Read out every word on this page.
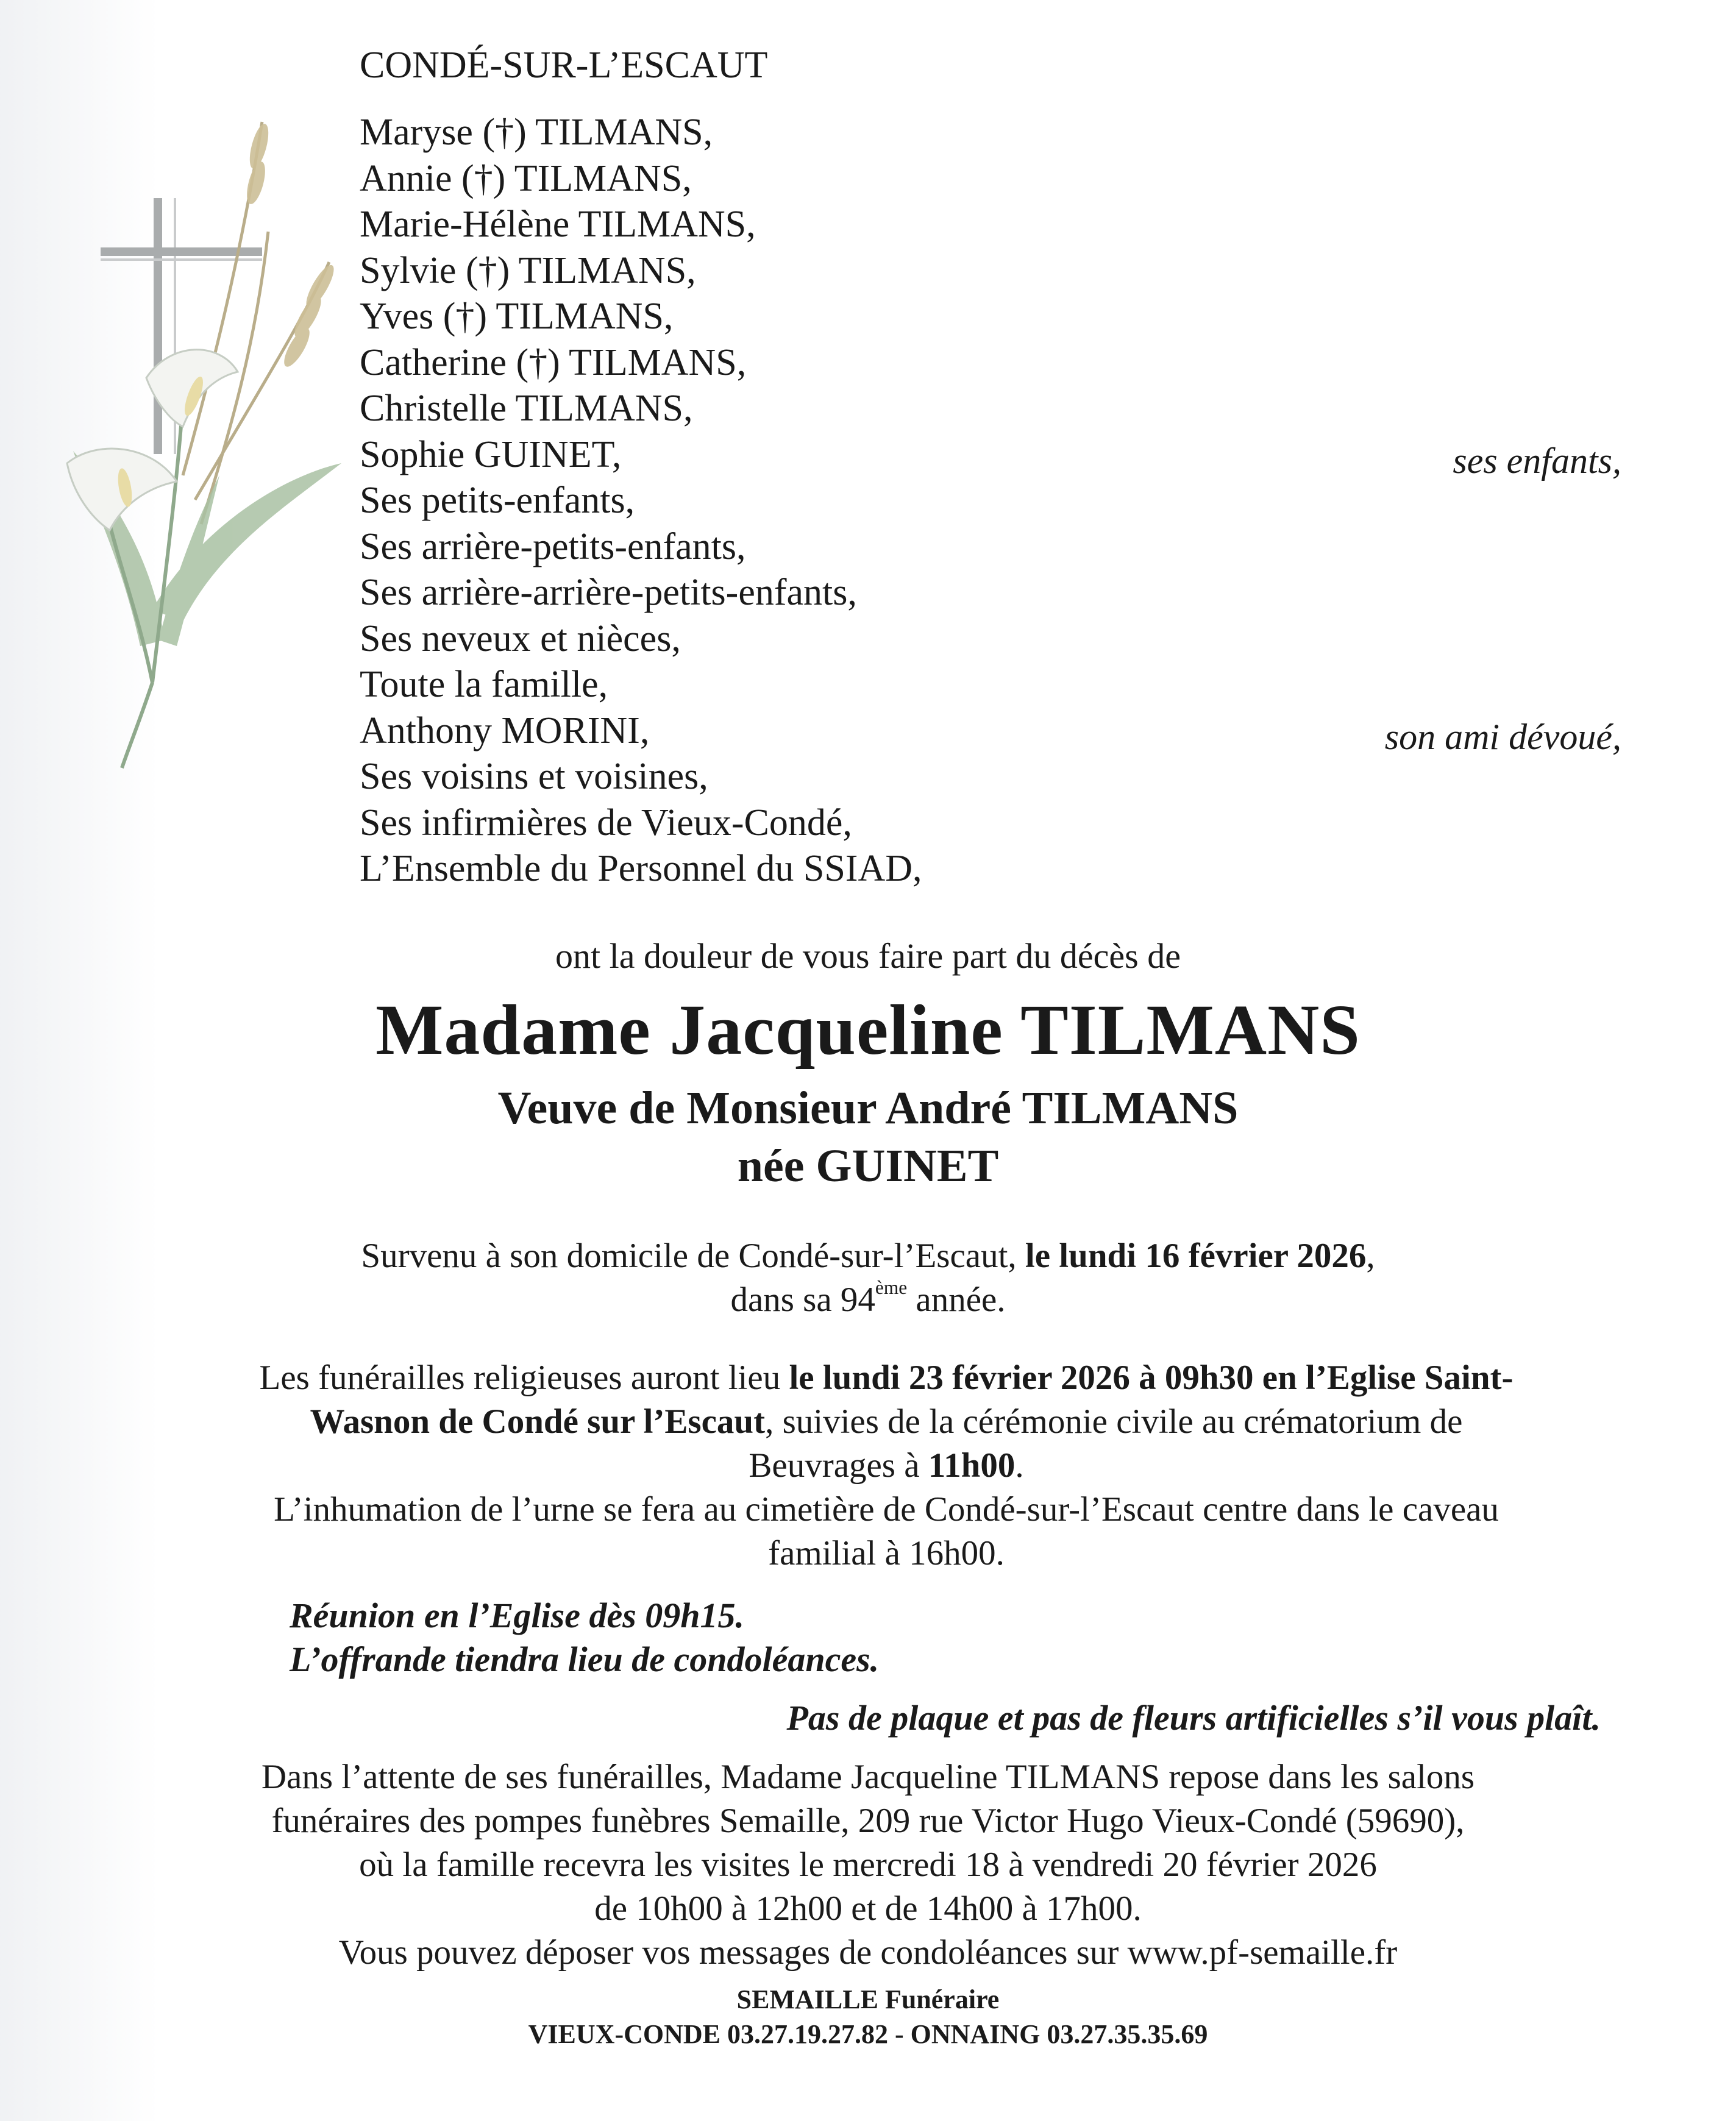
CONDÉ-SUR-L’ESCAUT
Maryse (†) TILMANS,
Annie (†) TILMANS,
Marie-Hélène TILMANS,
Sylvie (†) TILMANS,
Yves (†) TILMANS,
Catherine (†) TILMANS,
Christelle TILMANS,
Sophie GUINET,
Ses petits-enfants,
Ses arrière-petits-enfants,
Ses arrière-arrière-petits-enfants,
Ses neveux et nièces,
Toute la famille,
Anthony MORINI,
Ses voisins et voisines,
Ses infirmières de Vieux-Condé,
L’Ensemble du Personnel du SSIAD,
ses enfants,
son ami dévoué,
ont la douleur de vous faire part du décès de
Madame Jacqueline TILMANS
Veuve de Monsieur André TILMANS
née GUINET
Survenu à son domicile de Condé-sur-l’Escaut, le lundi 16 février 2026,
dans sa 94ème année.
Les funérailles religieuses auront lieu le lundi 23 février 2026 à 09h30 en l’Eglise Saint-
Wasnon de Condé sur l’Escaut, suivies de la cérémonie civile au crématorium de
Beuvrages à 11h00.
L’inhumation de l’urne se fera au cimetière de Condé-sur-l’Escaut centre dans le caveau
familial à 16h00.
Réunion en l’Eglise dès 09h15.
L’offrande tiendra lieu de condoléances.
Pas de plaque et pas de fleurs artificielles s’il vous plaît.
Dans l’attente de ses funérailles, Madame Jacqueline TILMANS repose dans les salons
funéraires des pompes funèbres Semaille, 209 rue Victor Hugo Vieux-Condé (59690),
où la famille recevra les visites le mercredi 18 à vendredi 20 février 2026
de 10h00 à 12h00 et de 14h00 à 17h00.
Vous pouvez déposer vos messages de condoléances sur www.pf-semaille.fr
SEMAILLE Funéraire
VIEUX-CONDE 03.27.19.27.82 - ONNAING 03.27.35.35.69
